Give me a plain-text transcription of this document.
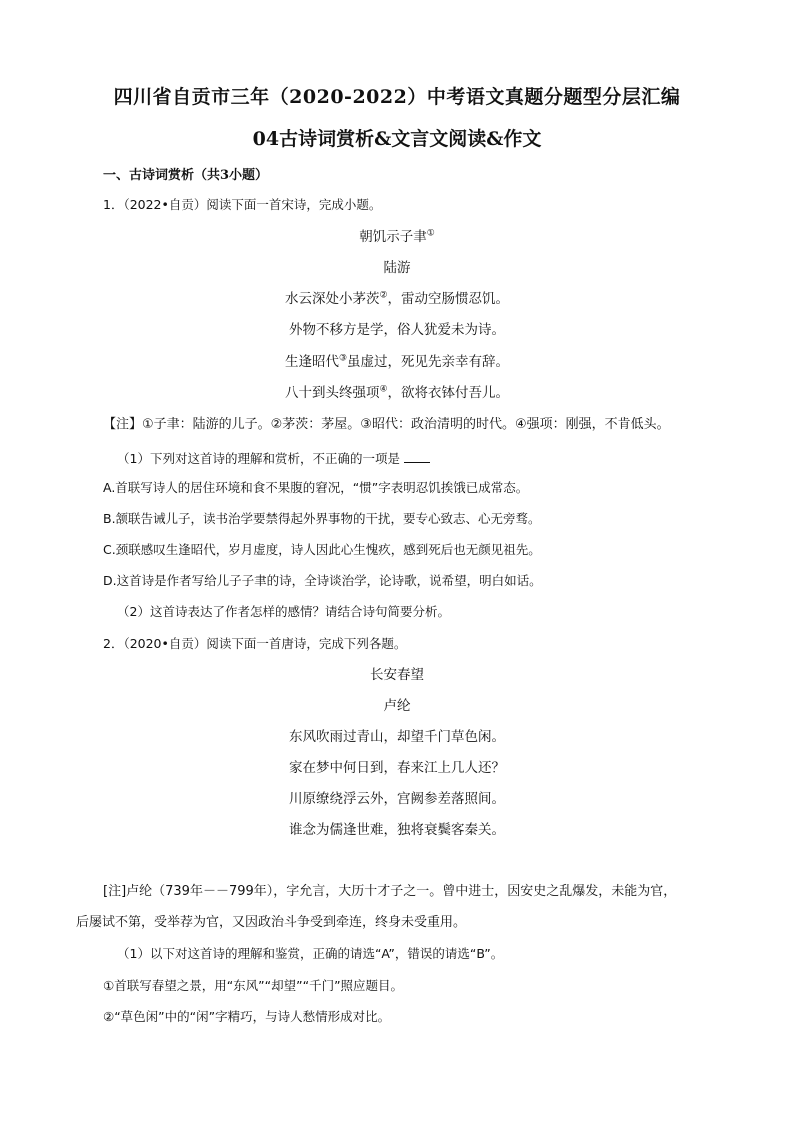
四川省自贡市三年（2020-2022）中考语文真题分题型分层汇编
04古诗词赏析&文言文阅读&作文
一、古诗词赏析（共3小题）
1．（2022•自贡）阅读下面一首宋诗，完成小题。
朝饥示子聿①
陆游
水云深处小茅茨②，雷动空肠惯忍饥。
外物不移方是学，俗人犹爱未为诗。
生逢昭代③虽虚过，死见先亲幸有辞。
八十到头终强项④，欲将衣钵付吾儿。
【注】①子聿：陆游的儿子。②茅茨：茅屋。③昭代：政治清明的时代。④强项：刚强，不肯低头。
（1）下列对这首诗的理解和赏析，不正确的一项是
A.首联写诗人的居住环境和食不果腹的窘况，“惯”字表明忍饥挨饿已成常态。
B.颔联告诫儿子，读书治学要禁得起外界事物的干扰，要专心致志、心无旁骛。
C.颈联感叹生逢昭代，岁月虚度，诗人因此心生愧疚，感到死后也无颜见祖先。
D.这首诗是作者写给儿子子聿的诗，全诗谈治学，论诗歌，说希望，明白如话。
（2）这首诗表达了作者怎样的感情？请结合诗句简要分析。
2．（2020•自贡）阅读下面一首唐诗，完成下列各题。
长安春望
卢纶
东风吹雨过青山，却望千门草色闲。
家在梦中何日到，春来江上几人还？
川原缭绕浮云外，宫阙参差落照间。
谁念为儒逢世难，独将衰鬓客秦关。
[注]卢纶（739年－－799年），字允言，大历十才子之一。曾中进士，因安史之乱爆发，未能为官，
后屡试不第，受举荐为官，又因政治斗争受到牵连，终身未受重用。
（1）以下对这首诗的理解和鉴赏，正确的请选“A”，错误的请选“B”。
①首联写春望之景，用“东风”“却望”“千门”照应题目。
②“草色闲”中的“闲”字精巧，与诗人愁情形成对比。
